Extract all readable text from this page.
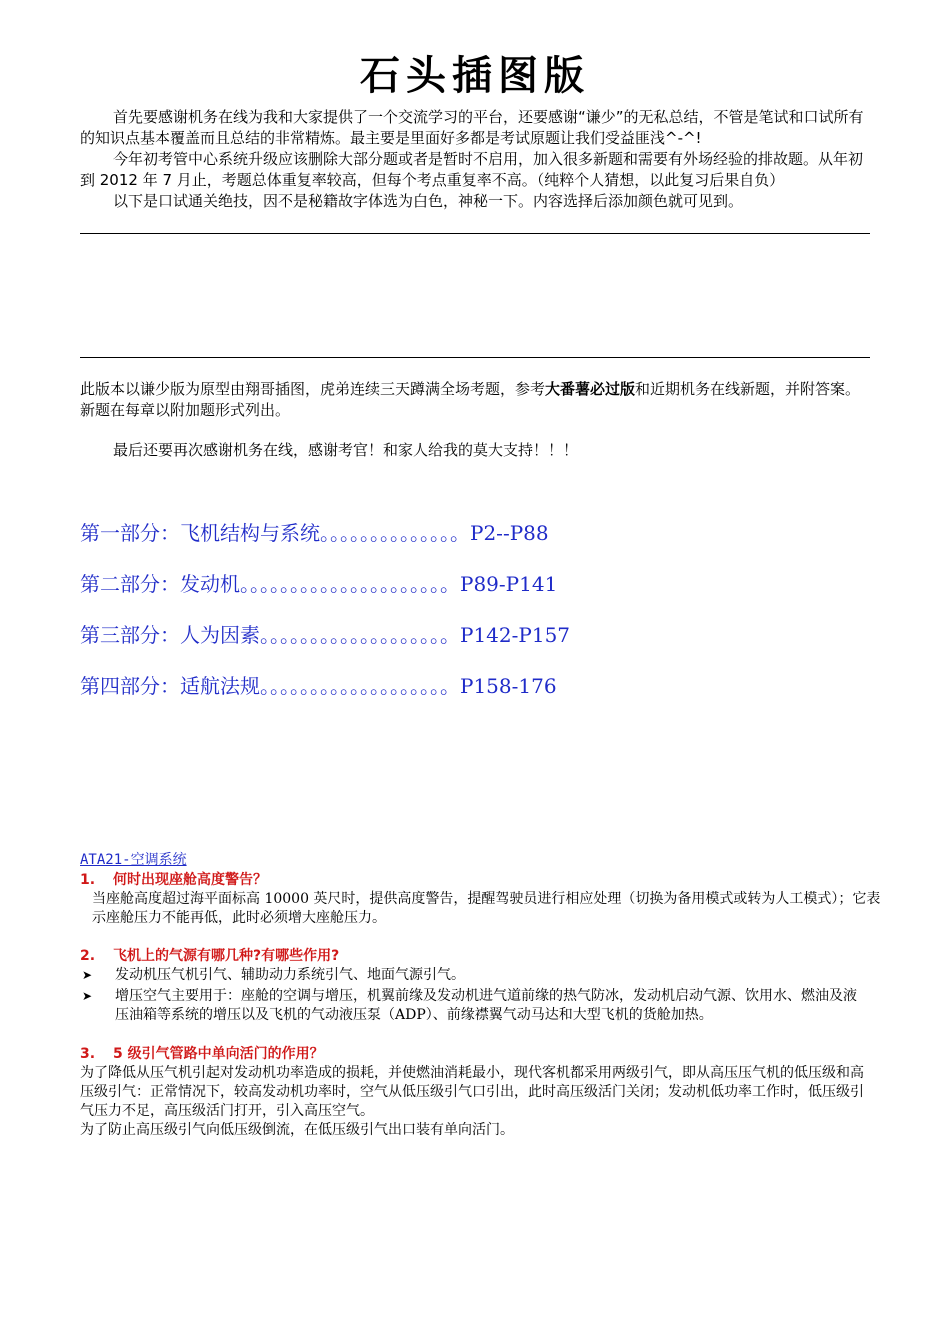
石头插图版

首先要感谢机务在线为我和大家提供了一个交流学习的平台，还要感谢“谦少”的无私总结，不管是笔试和口试所有的知识点基本覆盖而且总结的非常精炼。最主要是里面好多都是考试原题让我们受益匪浅^-^!

今年初考管中心系统升级应该删除大部分题或者是暂时不启用，加入很多新题和需要有外场经验的排故题。从年初到 2012 年 7 月止，考题总体重复率较高，但每个考点重复率不高。（纯粹个人猜想，以此复习后果自负）

以下是口试通关绝技，因不是秘籍故字体选为白色，神秘一下。内容选择后添加颜色就可见到。

此版本以谦少版为原型由翔哥插图，虎弟连续三天蹲满全场考题，参考大番薯必过版和近期机务在线新题，并附答案。新题在每章以附加题形式列出。

最后还要再次感谢机务在线，感谢考官！和家人给我的莫大支持！！！
第一部分：飞机结构与系统。。。。。。。。。。。。。。P2--P88
第二部分：发动机。。。。。。。。。。。。。。。。。。。。。P89-P141
第三部分：人为因素。。。。。。。。。。。。。。。。。。。P142-P157
第四部分：适航法规。。。。。。。。。。。。。。。。。。。P158-176
ATA21-空调系统
1. 何时出现座舱高度警告？
当座舱高度超过海平面标高 10000 英尺时，提供高度警告，提醒驾驶员进行相应处理（切换为备用模式或转为人工模式）；它表示座舱压力不能再低，此时必须增大座舱压力。
2. 飞机上的气源有哪几种?有哪些作用?
➤ 发动机压气机引气、辅助动力系统引气、地面气源引气。
➤ 增压空气主要用于：座舱的空调与增压，机翼前缘及发动机进气道前缘的热气防冰，发动机启动气源、饮用水、燃油及液压油箱等系统的增压以及飞机的气动液压泵（ADP）、前缘襟翼气动马达和大型飞机的货舱加热。
3. 5 级引气管路中单向活门的作用？

为了降低从压气机引起对发动机功率造成的损耗，并使燃油消耗最小，现代客机都采用两级引气，即从高压压气机的低压级和高压级引气：正常情况下，较高发动机功率时，空气从低压级引气口引出，此时高压级活门关闭；发动机低功率工作时，低压级引气压力不足，高压级活门打开，引入高压空气。

为了防止高压级引气向低压级倒流，在低压级引气出口装有单向活门。
